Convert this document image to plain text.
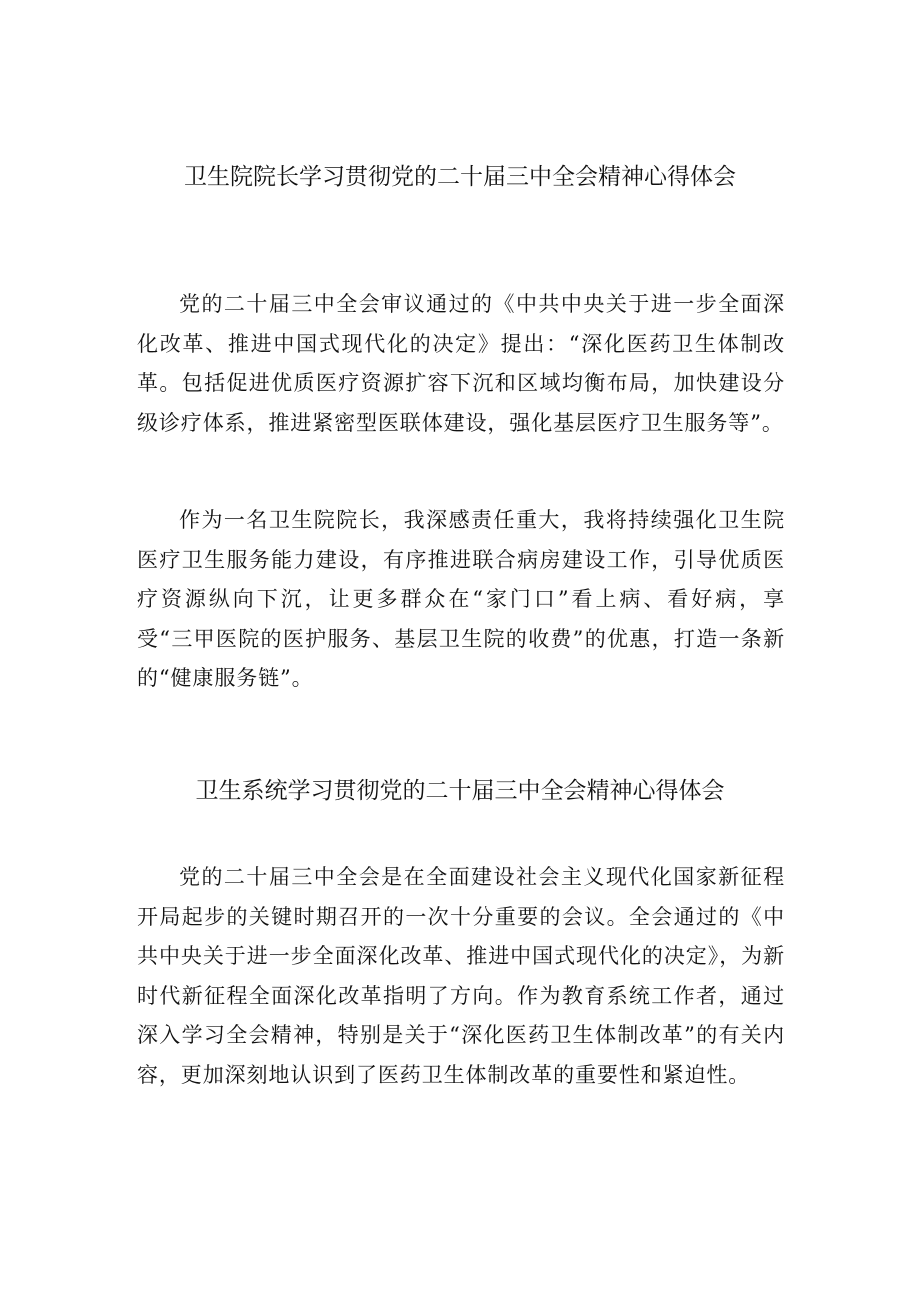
卫生院院长学习贯彻党的二十届三中全会精神心得体会

党的二十届三中全会审议通过的《中共中央关于进一步全面深化改革、推进中国式现代化的决定》提出：“深化医药卫生体制改革。包括促进优质医疗资源扩容下沉和区域均衡布局，加快建设分级诊疗体系，推进紧密型医联体建设，强化基层医疗卫生服务等”。

作为一名卫生院院长，我深感责任重大，我将持续强化卫生院医疗卫生服务能力建设，有序推进联合病房建设工作，引导优质医疗资源纵向下沉，让更多群众在“家门口”看上病、看好病，享受“三甲医院的医护服务、基层卫生院的收费”的优惠，打造一条新的“健康服务链”。

卫生系统学习贯彻党的二十届三中全会精神心得体会

党的二十届三中全会是在全面建设社会主义现代化国家新征程开局起步的关键时期召开的一次十分重要的会议。全会通过的《中共中央关于进一步全面深化改革、推进中国式现代化的决定》，为新时代新征程全面深化改革指明了方向。作为教育系统工作者，通过深入学习全会精神，特别是关于“深化医药卫生体制改革”的有关内容，更加深刻地认识到了医药卫生体制改革的重要性和紧迫性。
